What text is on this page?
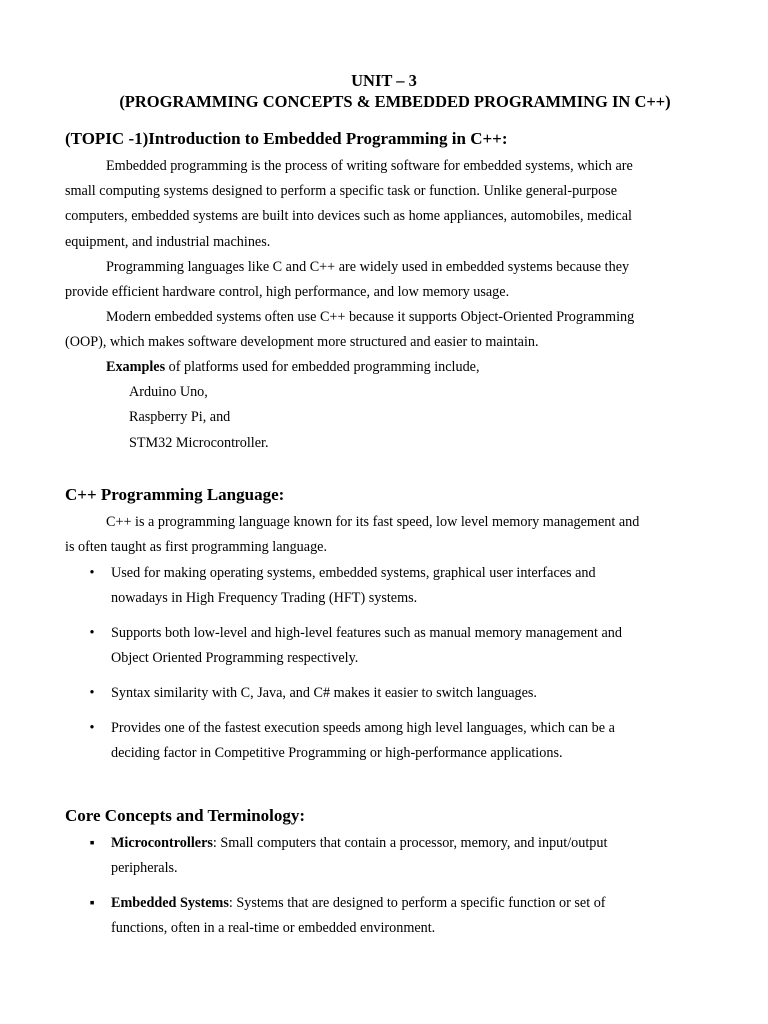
UNIT – 3
(PROGRAMMING CONCEPTS & EMBEDDED PROGRAMMING IN C++)
(TOPIC -1)Introduction to Embedded Programming in C++:
Embedded programming is the process of writing software for embedded systems, which are
small computing systems designed to perform a specific task or function. Unlike general-purpose
computers, embedded systems are built into devices such as home appliances, automobiles, medical
equipment, and industrial machines.
Programming languages like C and C++ are widely used in embedded systems because they
provide efficient hardware control, high performance, and low memory usage.
Modern embedded systems often use C++ because it supports Object-Oriented Programming
(OOP), which makes software development more structured and easier to maintain.
Examples of platforms used for embedded programming include,
Arduino Uno,
Raspberry Pi, and
STM32 Microcontroller.
C++ Programming Language:
C++ is a programming language known for its fast speed, low level memory management and
is often taught as first programming language.
• Used for making operating systems, embedded systems, graphical user interfaces and
nowadays in High Frequency Trading (HFT) systems.
• Supports both low-level and high-level features such as manual memory management and
Object Oriented Programming respectively.
• Syntax similarity with C, Java, and C# makes it easier to switch languages.
• Provides one of the fastest execution speeds among high level languages, which can be a
deciding factor in Competitive Programming or high-performance applications.
Core Concepts and Terminology:
▪ Microcontrollers: Small computers that contain a processor, memory, and input/output
peripherals.
▪ Embedded Systems: Systems that are designed to perform a specific function or set of
functions, often in a real-time or embedded environment.
